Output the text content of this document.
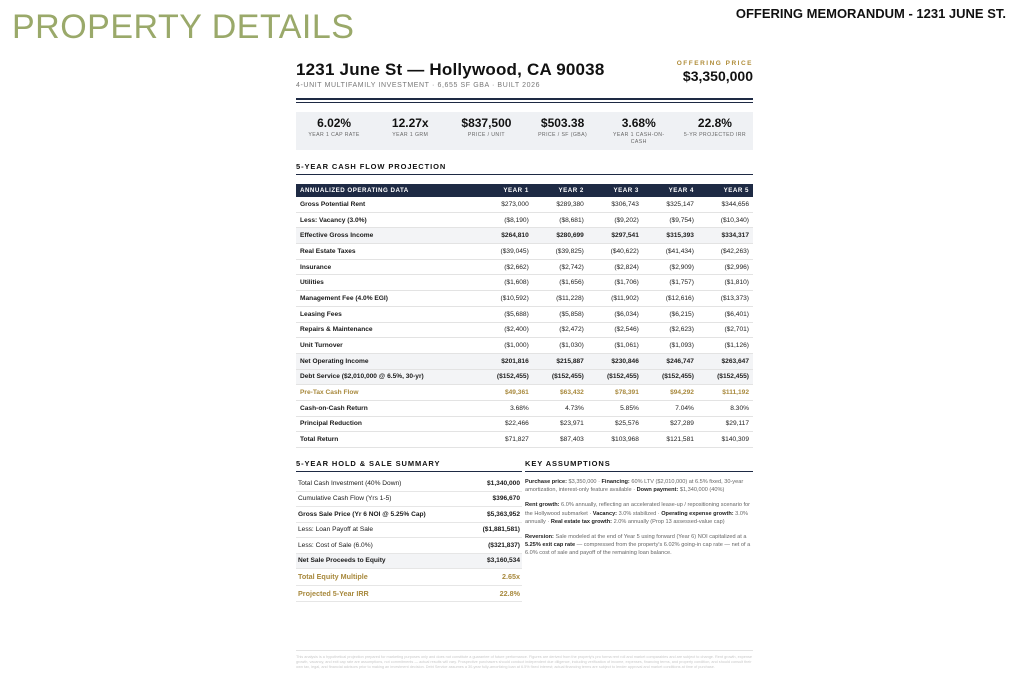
PROPERTY DETAILS	OFFERING MEMORANDUM - 1231 JUNE ST.
1231 June St — Hollywood, CA 90038
4-UNIT MULTIFAMILY INVESTMENT · 6,655 SF GBA · BUILT 2026
OFFERING PRICE
$3,350,000
6.02%
YEAR 1 CAP RATE
12.27x
YEAR 1 GRM
$837,500
PRICE / UNIT
$503.38
PRICE / SF (GBA)
3.68%
YEAR 1 CASH-ON-CASH
22.8%
5-YR PROJECTED IRR
5-YEAR CASH FLOW PROJECTION
ANNUALIZED OPERATING DATA	YEAR 1	YEAR 2	YEAR 3	YEAR 4	YEAR 5
Gross Potential Rent	$273,000	$289,380	$306,743	$325,147	$344,656
Less: Vacancy (3.0%)	($8,190)	($8,681)	($9,202)	($9,754)	($10,340)
Effective Gross Income	$264,810	$280,699	$297,541	$315,393	$334,317
Real Estate Taxes	($39,045)	($39,825)	($40,622)	($41,434)	($42,263)
Insurance	($2,662)	($2,742)	($2,824)	($2,909)	($2,996)
Utilities	($1,608)	($1,656)	($1,706)	($1,757)	($1,810)
Management Fee (4.0% EGI)	($10,592)	($11,228)	($11,902)	($12,616)	($13,373)
Leasing Fees	($5,688)	($5,858)	($6,034)	($6,215)	($6,401)
Repairs & Maintenance	($2,400)	($2,472)	($2,546)	($2,623)	($2,701)
Unit Turnover	($1,000)	($1,030)	($1,061)	($1,093)	($1,126)
Net Operating Income	$201,816	$215,887	$230,846	$246,747	$263,647
Debt Service ($2,010,000 @ 6.5%, 30-yr)	($152,455)	($152,455)	($152,455)	($152,455)	($152,455)
Pre-Tax Cash Flow	$49,361	$63,432	$78,391	$94,292	$111,192
Cash-on-Cash Return	3.68%	4.73%	5.85%	7.04%	8.30%
Principal Reduction	$22,466	$23,971	$25,576	$27,289	$29,117
Total Return	$71,827	$87,403	$103,968	$121,581	$140,309
5-YEAR HOLD & SALE SUMMARY
Total Cash Investment (40% Down)	$1,340,000
Cumulative Cash Flow (Yrs 1-5)	$396,670
Gross Sale Price (Yr 6 NOI @ 5.25% Cap)	$5,363,952
Less: Loan Payoff at Sale	($1,881,581)
Less: Cost of Sale (6.0%)	($321,837)
Net Sale Proceeds to Equity	$3,160,534
Total Equity Multiple	2.65x
Projected 5-Year IRR	22.8%
KEY ASSUMPTIONS
Purchase price: $3,350,000 · Financing: 60% LTV ($2,010,000) at 6.5% fixed, 30-year amortization, interest-only feature available · Down payment: $1,340,000 (40%)
Rent growth: 6.0% annually, reflecting an accelerated lease-up / repositioning scenario for the Hollywood submarket · Vacancy: 3.0% stabilized · Operating expense growth: 3.0% annually · Real estate tax growth: 2.0% annually (Prop 13 assessed-value cap)
Reversion: Sale modeled at the end of Year 5 using forward (Year 6) NOI capitalized at a 5.25% exit cap rate — compressed from the property's 6.02% going-in cap rate — net of a 6.0% cost of sale and payoff of the remaining loan balance.
This analysis is a hypothetical projection prepared for marketing purposes only and does not constitute a guarantee of future performance. Figures are derived from the property's pro forma rent roll and market comparables and are subject to change. Rent growth, expense growth, vacancy, and exit cap rate are assumptions, not commitments — actual results will vary. Prospective purchasers should conduct independent due diligence, including verification of income, expenses, financing terms, and property condition, and should consult their own tax, legal, and financial advisors prior to making an investment decision. Debt Service assumes a 30-year fully-amortizing loan at 6.5% fixed interest; actual financing terms are subject to lender approval and market conditions at time of purchase.
